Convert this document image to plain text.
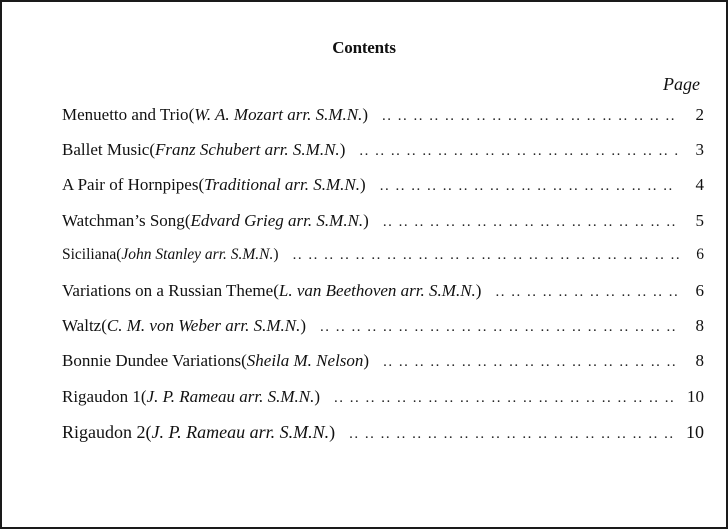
Contents
Page
Menuetto and Trio (W. A. Mozart arr. S.M.N.) .. ..	2
Ballet Music (Franz Schubert arr. S.M.N.) .. ..	3
A Pair of Hornpipes (Traditional arr. S.M.N.) .. ..	4
Watchman’s Song (Edvard Grieg arr. S.M.N.) .. ..	5
Siciliana (John Stanley arr. S.M.N.) .. ..	6
Variations on a Russian Theme (L. van Beethoven arr. S.M.N.) .. ..	6
Waltz (C. M. von Weber arr. S.M.N.) .. ..	8
Bonnie Dundee Variations (Sheila M. Nelson) .. ..	8
Rigaudon 1 (J. P. Rameau arr. S.M.N.) .. ..	10
Rigaudon 2 (J. P. Rameau arr. S.M.N.) .. ..	10
